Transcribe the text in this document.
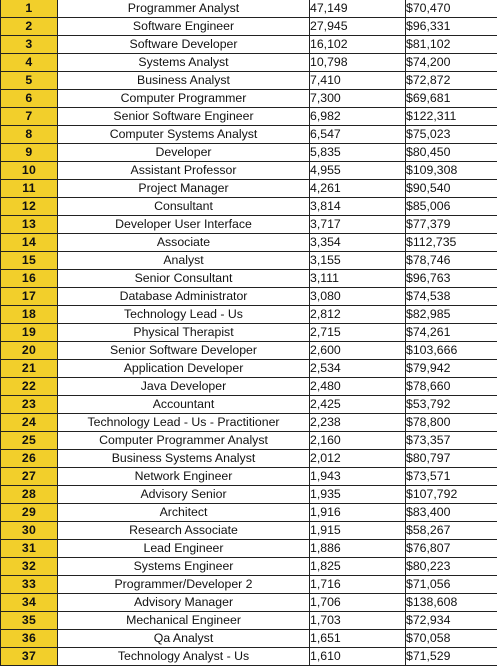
1	Programmer Analyst	47,149	$70,470
2	Software Engineer	27,945	$96,331
3	Software Developer	16,102	$81,102
4	Systems Analyst	10,798	$74,200
5	Business Analyst	7,410	$72,872
6	Computer Programmer	7,300	$69,681
7	Senior Software Engineer	6,982	$122,311
8	Computer Systems Analyst	6,547	$75,023
9	Developer	5,835	$80,450
10	Assistant Professor	4,955	$109,308
11	Project Manager	4,261	$90,540
12	Consultant	3,814	$85,006
13	Developer User Interface	3,717	$77,379
14	Associate	3,354	$112,735
15	Analyst	3,155	$78,746
16	Senior Consultant	3,111	$96,763
17	Database Administrator	3,080	$74,538
18	Technology Lead - Us	2,812	$82,985
19	Physical Therapist	2,715	$74,261
20	Senior Software Developer	2,600	$103,666
21	Application Developer	2,534	$79,942
22	Java Developer	2,480	$78,660
23	Accountant	2,425	$53,792
24	Technology Lead - Us - Practitioner	2,238	$78,800
25	Computer Programmer Analyst	2,160	$73,357
26	Business Systems Analyst	2,012	$80,797
27	Network Engineer	1,943	$73,571
28	Advisory Senior	1,935	$107,792
29	Architect	1,916	$83,400
30	Research Associate	1,915	$58,267
31	Lead Engineer	1,886	$76,807
32	Systems Engineer	1,825	$80,223
33	Programmer/Developer 2	1,716	$71,056
34	Advisory Manager	1,706	$138,608
35	Mechanical Engineer	1,703	$72,934
36	Qa Analyst	1,651	$70,058
37	Technology Analyst - Us	1,610	$71,529
